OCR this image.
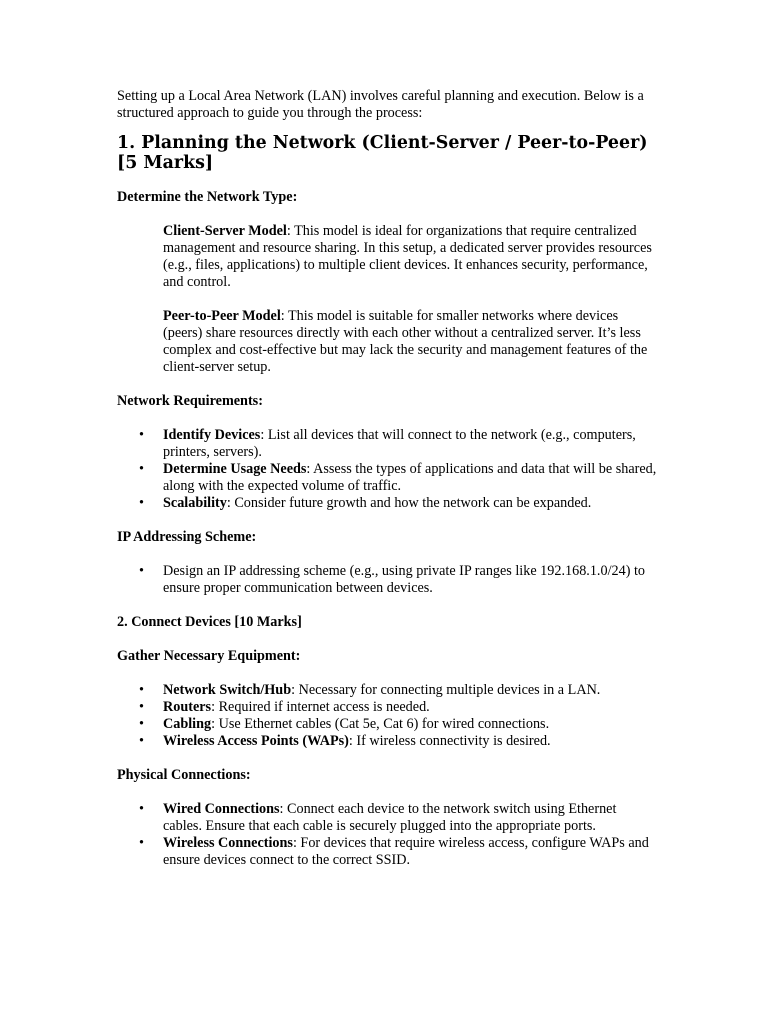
Setting up a Local Area Network (LAN) involves careful planning and execution. Below is a structured approach to guide you through the process:

1. Planning the Network (Client-Server / Peer-to-Peer) [5 Marks]
Determine the Network Type:

Client-Server Model: This model is ideal for organizations that require centralized management and resource sharing. In this setup, a dedicated server provides resources (e.g., files, applications) to multiple client devices. It enhances security, performance, and control.

Peer-to-Peer Model: This model is suitable for smaller networks where devices (peers) share resources directly with each other without a centralized server. It’s less complex and cost-effective but may lack the security and management features of the client-server setup.

Network Requirements:
• Identify Devices: List all devices that will connect to the network (e.g., computers, printers, servers).
• Determine Usage Needs: Assess the types of applications and data that will be shared, along with the expected volume of traffic.
• Scalability: Consider future growth and how the network can be expanded.
IP Addressing Scheme:
• Design an IP addressing scheme (e.g., using private IP ranges like 192.168.1.0/24) to ensure proper communication between devices.
2. Connect Devices [10 Marks]
Gather Necessary Equipment:
• Network Switch/Hub: Necessary for connecting multiple devices in a LAN.
• Routers: Required if internet access is needed.
• Cabling: Use Ethernet cables (Cat 5e, Cat 6) for wired connections.
• Wireless Access Points (WAPs): If wireless connectivity is desired.
Physical Connections:
• Wired Connections: Connect each device to the network switch using Ethernet cables. Ensure that each cable is securely plugged into the appropriate ports.
• Wireless Connections: For devices that require wireless access, configure WAPs and ensure devices connect to the correct SSID.
